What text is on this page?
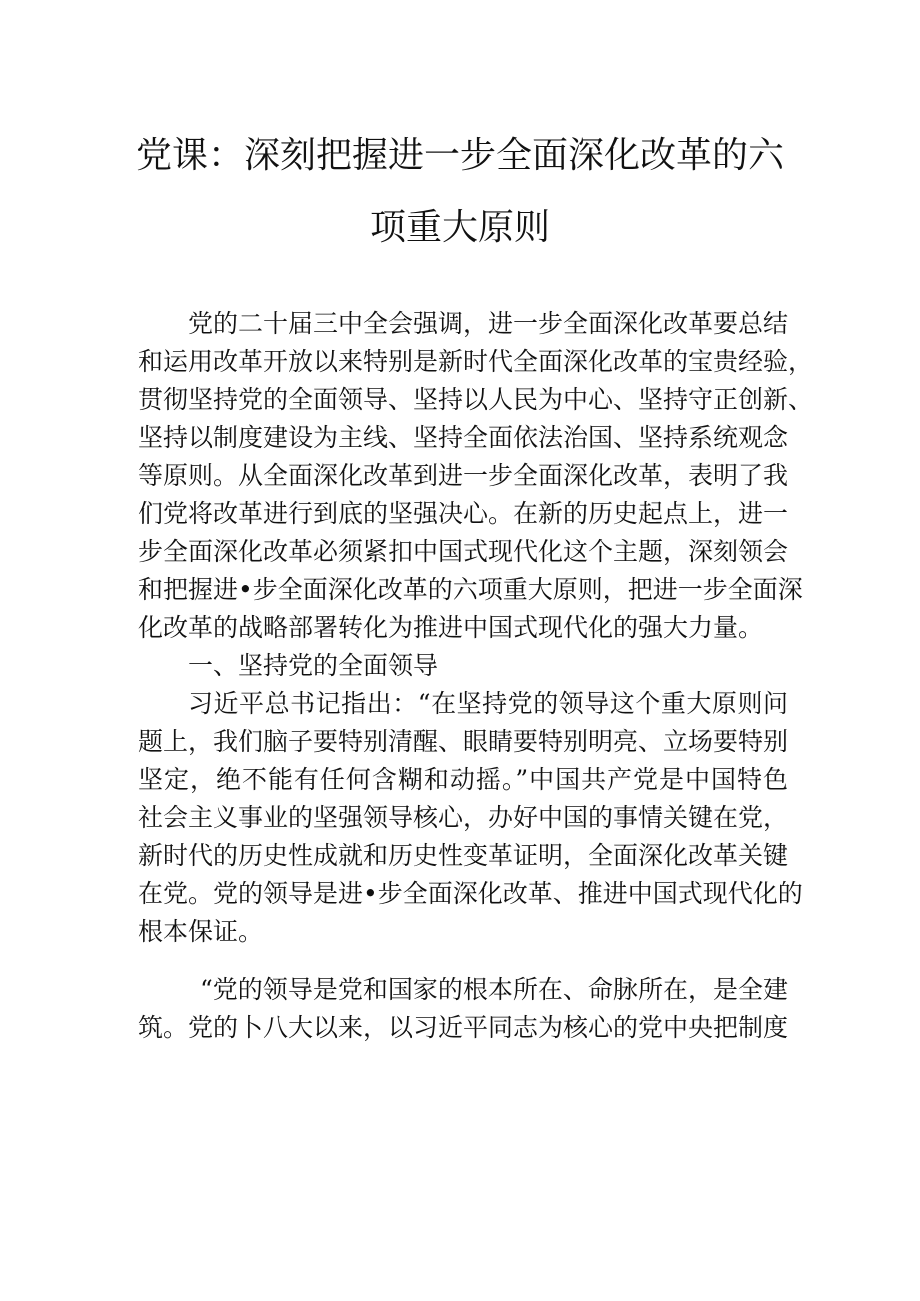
党课：深刻把握进一步全面深化改革的六
项重大原则
党的二十届三中全会强调，进一步全面深化改革要总结
和运用改革开放以来特别是新时代全面深化改革的宝贵经验，
贯彻坚持党的全面领导、坚持以人民为中心、坚持守正创新、
坚持以制度建设为主线、坚持全面依法治国、坚持系统观念
等原则。从全面深化改革到进一步全面深化改革，表明了我
们党将改革进行到底的坚强决心。在新的历史起点上，进一
步全面深化改革必须紧扣中国式现代化这个主题，深刻领会
和把握进•步全面深化改革的六项重大原则，把进一步全面深
化改革的战略部署转化为推进中国式现代化的强大力量。
一、坚持党的全面领导
习近平总书记指出：“在坚持党的领导这个重大原则问
题上，我们脑子要特别清醒、眼睛要特别明亮、立场要特别
坚定，绝不能有任何含糊和动摇。”中国共产党是中国特色
社会主义事业的坚强领导核心，办好中国的事情关键在党，
新时代的历史性成就和历史性变革证明，全面深化改革关键
在党。党的领导是进•步全面深化改革、推进中国式现代化的
根本保证。
“党的领导是党和国家的根本所在、命脉所在，是全建
筑。党的卜八大以来，以习近平同志为核心的党中央把制度
